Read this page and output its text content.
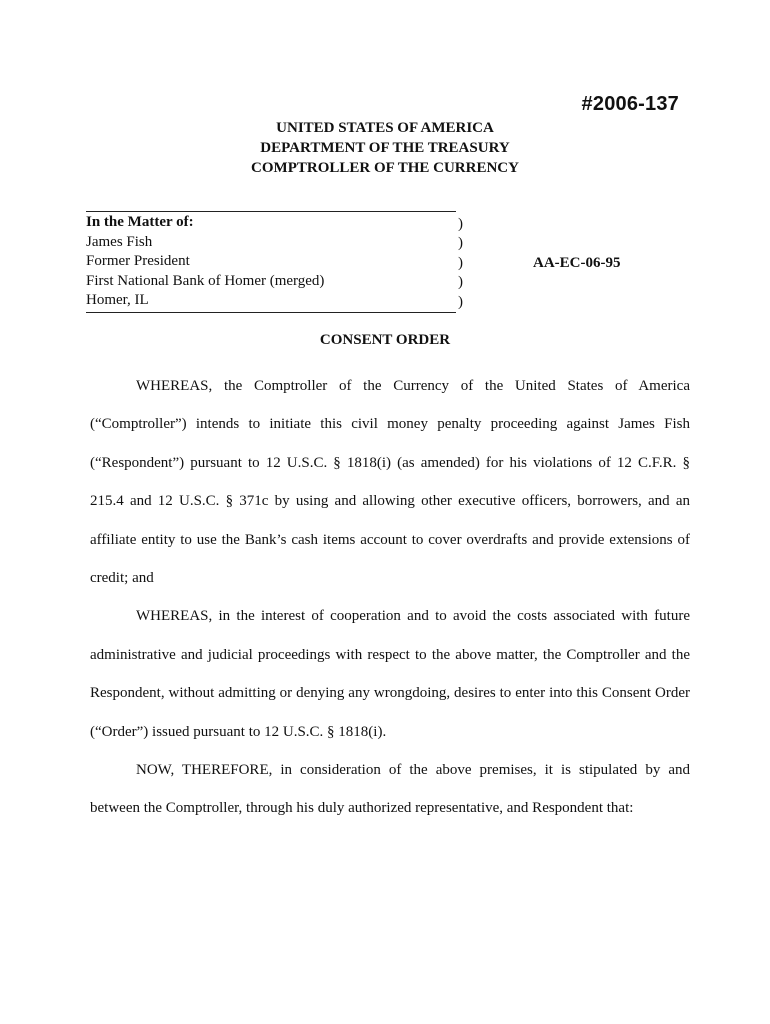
#2006-137
UNITED STATES OF AMERICA
DEPARTMENT OF THE TREASURY
COMPTROLLER OF THE CURRENCY
In the Matter of:
James Fish
Former President
First National Bank of Homer (merged)
Homer, IL
)
)
)
)
)
AA-EC-06-95
CONSENT ORDER

WHEREAS, the Comptroller of the Currency of the United States of America (“Comptroller”) intends to initiate this civil money penalty proceeding against James Fish (“Respondent”) pursuant to 12 U.S.C. § 1818(i) (as amended) for his violations of 12 C.F.R. § 215.4 and 12 U.S.C. § 371c by using and allowing other executive officers, borrowers, and an affiliate entity to use the Bank’s cash items account to cover overdrafts and provide extensions of credit; and

WHEREAS, in the interest of cooperation and to avoid the costs associated with future administrative and judicial proceedings with respect to the above matter, the Comptroller and the Respondent, without admitting or denying any wrongdoing, desires to enter into this Consent Order (“Order”) issued pursuant to 12 U.S.C. § 1818(i).

NOW, THEREFORE, in consideration of the above premises, it is stipulated by and between the Comptroller, through his duly authorized representative, and Respondent that:
